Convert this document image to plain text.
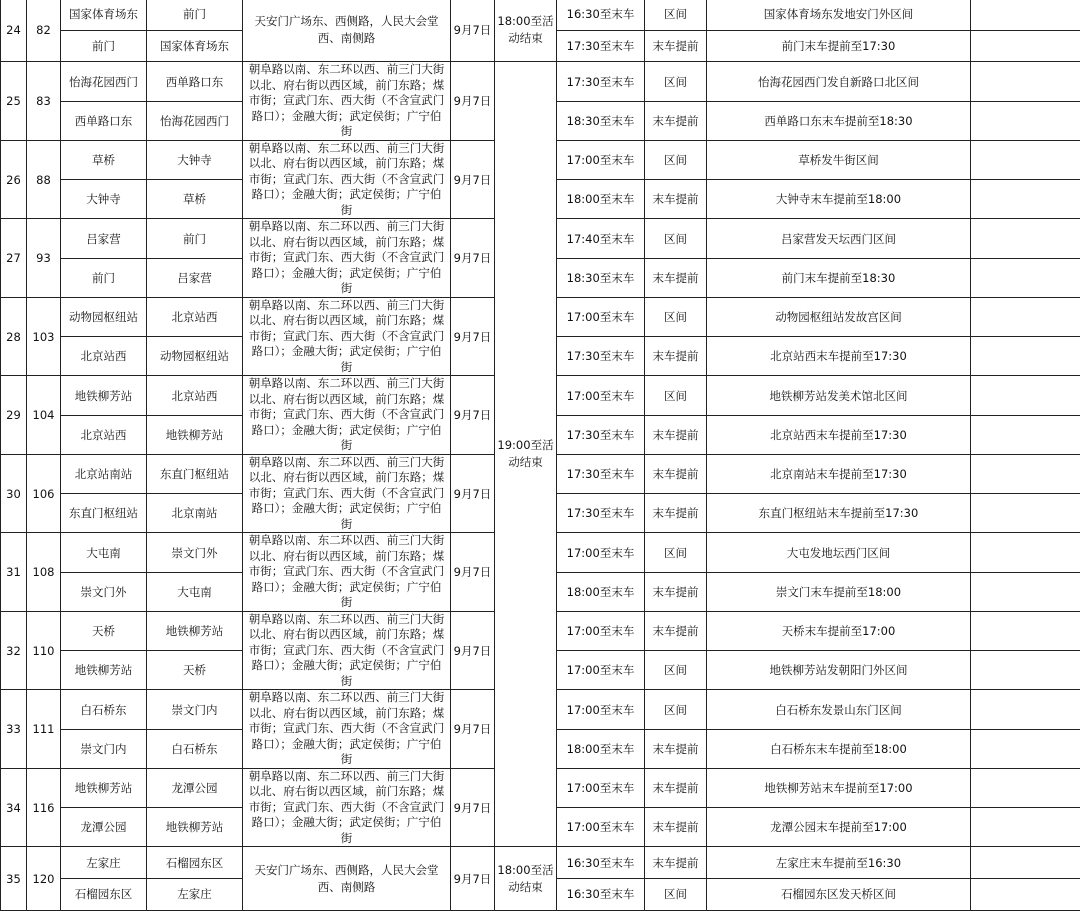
24	82	国家体育场东	前门	天安门广场东、西侧路，人民大会堂西、南侧路	9月7日	18:00至活动结束	16:30至末车	区间	国家体育场东发地安门外区间	
		前门	国家体育场东				17:30至末车	末车提前	前门末车提前至17:30	
25	83	怡海花园西门	西单路口东	朝阜路以南、东二环以西、前三门大街以北、府右街以西区域，前门东路；煤市街；宣武门东、西大街（不含宣武门路口）；金融大街；武定侯街；广宁伯街	9月7日	19:00至活动结束	17:30至末车	区间	怡海花园西门发自新路口北区间	
		西单路口东	怡海花园西门				18:30至末车	末车提前	西单路口东末车提前至18:30	
26	88	草桥	大钟寺	朝阜路以南、东二环以西、前三门大街以北、府右街以西区域，前门东路；煤市街；宣武门东、西大街（不含宣武门路口）；金融大街；武定侯街；广宁伯街	9月7日		17:00至末车	区间	草桥发牛街区间	
		大钟寺	草桥				18:00至末车	末车提前	大钟寺末车提前至18:00	
27	93	吕家营	前门	朝阜路以南、东二环以西、前三门大街以北、府右街以西区域，前门东路；煤市街；宣武门东、西大街（不含宣武门路口）；金融大街；武定侯街；广宁伯街	9月7日		17:40至末车	区间	吕家营发天坛西门区间	
		前门	吕家营				18:30至末车	末车提前	前门末车提前至18:30	
28	103	动物园枢纽站	北京站西	朝阜路以南、东二环以西、前三门大街以北、府右街以西区域，前门东路；煤市街；宣武门东、西大街（不含宣武门路口）；金融大街；武定侯街；广宁伯街	9月7日		17:00至末车	区间	动物园枢纽站发故宫区间	
		北京站西	动物园枢纽站				17:30至末车	末车提前	北京站西末车提前至17:30	
29	104	地铁柳芳站	北京站西	朝阜路以南、东二环以西、前三门大街以北、府右街以西区域，前门东路；煤市街；宣武门东、西大街（不含宣武门路口）；金融大街；武定侯街；广宁伯街	9月7日		17:00至末车	区间	地铁柳芳站发美术馆北区间	
		北京站西	地铁柳芳站				17:30至末车	末车提前	北京站西末车提前至17:30	
30	106	北京站南站	东直门枢纽站	朝阜路以南、东二环以西、前三门大街以北、府右街以西区域，前门东路；煤市街；宣武门东、西大街（不含宣武门路口）；金融大街；武定侯街；广宁伯街	9月7日		17:30至末车	末车提前	北京南站末车提前至17:30	
		东直门枢纽站	北京南站				17:30至末车	末车提前	东直门枢纽站末车提前至17:30	
31	108	大屯南	崇文门外	朝阜路以南、东二环以西、前三门大街以北、府右街以西区域，前门东路；煤市街；宣武门东、西大街（不含宣武门路口）；金融大街；武定侯街；广宁伯街	9月7日		17:00至末车	区间	大屯发地坛西门区间	
		崇文门外	大屯南				18:00至末车	末车提前	崇文门末车提前至18:00	
32	110	天桥	地铁柳芳站	朝阜路以南、东二环以西、前三门大街以北、府右街以西区域，前门东路；煤市街；宣武门东、西大街（不含宣武门路口）；金融大街；武定侯街；广宁伯街	9月7日		17:00至末车	末车提前	天桥末车提前至17:00	
		地铁柳芳站	天桥				17:00至末车	区间	地铁柳芳站发朝阳门外区间	
33	111	白石桥东	崇文门内	朝阜路以南、东二环以西、前三门大街以北、府右街以西区域，前门东路；煤市街；宣武门东、西大街（不含宣武门路口）；金融大街；武定侯街；广宁伯街	9月7日		17:00至末车	区间	白石桥东发景山东门区间	
		崇文门内	白石桥东				18:00至末车	末车提前	白石桥东末车提前至18:00	
34	116	地铁柳芳站	龙潭公园	朝阜路以南、东二环以西、前三门大街以北、府右街以西区域，前门东路；煤市街；宣武门东、西大街（不含宣武门路口）；金融大街；武定侯街；广宁伯街	9月7日		17:00至末车	末车提前	地铁柳芳站末车提前至17:00	
		龙潭公园	地铁柳芳站				17:00至末车	末车提前	龙潭公园末车提前至17:00	
35	120	左家庄	石榴园东区	天安门广场东、西侧路，人民大会堂西、南侧路	9月7日	18:00至活动结束	16:30至末车	末车提前	左家庄末车提前至16:30	
		石榴园东区	左家庄				16:30至末车	区间	石榴园东区发天桥区间	
